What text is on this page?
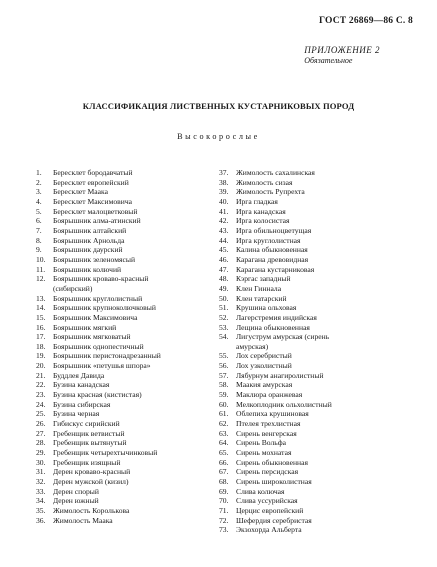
ГОСТ 26869—86 С. 8
ПРИЛОЖЕНИЕ 2
Обязательное
КЛАССИФИКАЦИЯ ЛИСТВЕННЫХ КУСТАРНИКОВЫХ ПОРОД
Высокорослые
1.	Бересклет бородавчатый
2.	Бересклет европейский
3.	Бересклет Маака
4.	Бересклет Максимовича
5.	Бересклет малоцветковый
6.	Боярышник алма-атинский
7.	Боярышник алтайский
8.	Боярышник Арнольда
9.	Боярышник даурский
10. Боярышник зеленомясый
11.	Боярышник колючий
12. Боярышник кроваво-красный
(сибирский)
13. Боярышник круглолистный
14. Боярышник крупноколючковый
15. Боярышник Максимовича
16. Боярышник мягкий
17. Боярышник мягковатый
18. Боярышник однопестичный
19. Боярышник перистонадрезанный
20. Боярышник «петушья шпора»
21. Буддлея Давида
22. Бузина канадская
23. Бузина красная (кистистая)
24. Бузина сибирская
25. Бузина черная
26. Гибискус сирийский
27. Гребенщик ветвистый
28. Гребенщик вытянутый
29. Гребенщик четырехтычинковый
30. Гребенщик изящный
31. Дерен кроваво-красный
32. Дерен мужской (кизил)
33. Дерен спорый
34. Дерен южный
35. Жимолость Королькова
36. Жимолость Маака
37. Жимолость сахалинская
38. Жимолость сизая
39. Жимолость Рупрехта
40. Ирга гладкая
41. Ирга канадская
42. Ирга колосистая
43. Ирга обильноцветущая
44. Ирга круглолистная
45. Калина обыкновенная
46. Карагана древовидная
47. Карагана кустарниковая
48. Кэргас западный
49. Клен Гиннала
50. Клен татарский
51. Крушина ольховая
52. Лагерстремия индийская
53. Лещина обыкновенная
54. Лигуструм амурская (сирень
амурская)
55. Лох серебристый
56. Лох узколистный
57. Лябурнум анагиролистный
58. Маакия амурская
59. Маклюра оранжевая
60. Мелкоплодник ольхолистный
61. Облепиха крушиновая
62. Птелея трехлистная
63. Сирень венгерская
64. Сирень Вольфа
65. Сирень мохнатая
66. Сирень обыкновенная
67. Сирень персидская
68. Сирень широколистная
69. Слива колючая
70. Слива уссурийская
71. Церцис европейский
72. Шефердия серебристая
73. Экзохорда Альберта
